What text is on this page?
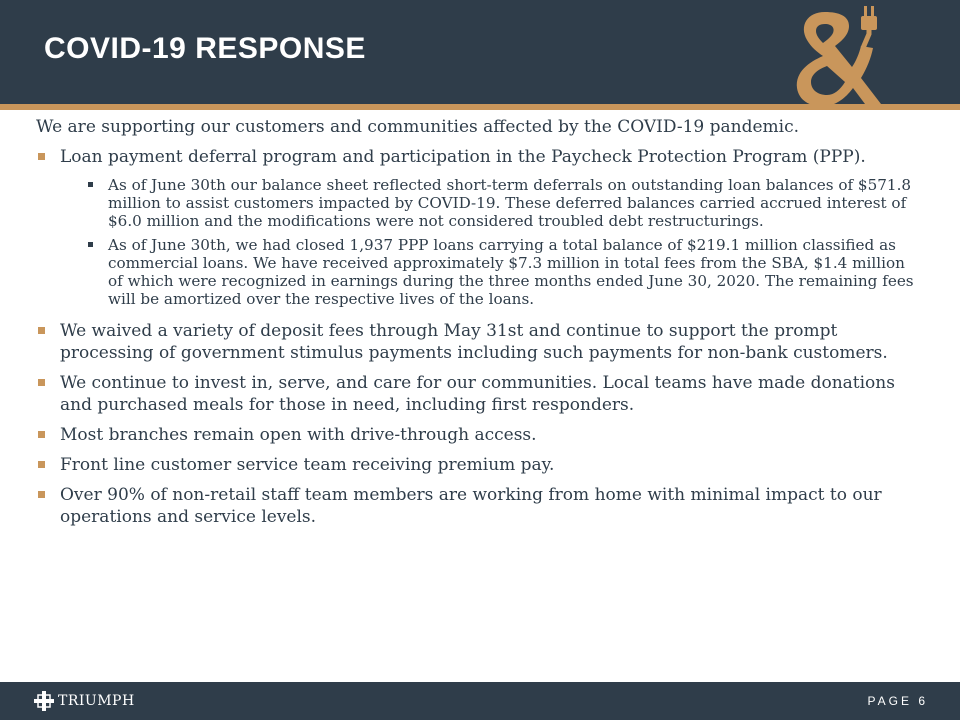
COVID-19 RESPONSE

We are supporting our customers and communities affected by the COVID-19 pandemic.

Loan payment deferral program and participation in the Paycheck Protection Program (PPP).
As of June 30th our balance sheet reflected short-term deferrals on outstanding loan balances of $571.8 million to assist customers impacted by COVID-19. These deferred balances carried accrued interest of $6.0 million and the modifications were not considered troubled debt restructurings.
As of June 30th, we had closed 1,937 PPP loans carrying a total balance of $219.1 million classified as commercial loans. We have received approximately $7.3 million in total fees from the SBA, $1.4 million of which were recognized in earnings during the three months ended June 30, 2020. The remaining fees will be amortized over the respective lives of the loans.
We waived a variety of deposit fees through May 31st and continue to support the prompt processing of government stimulus payments including such payments for non-bank customers.
We continue to invest in, serve, and care for our communities. Local teams have made donations and purchased meals for those in need, including first responders.
Most branches remain open with drive-through access.
Front line customer service team receiving premium pay.
Over 90% of non-retail staff team members are working from home with minimal impact to our operations and service levels.
TRIUMPH	PAGE 6
